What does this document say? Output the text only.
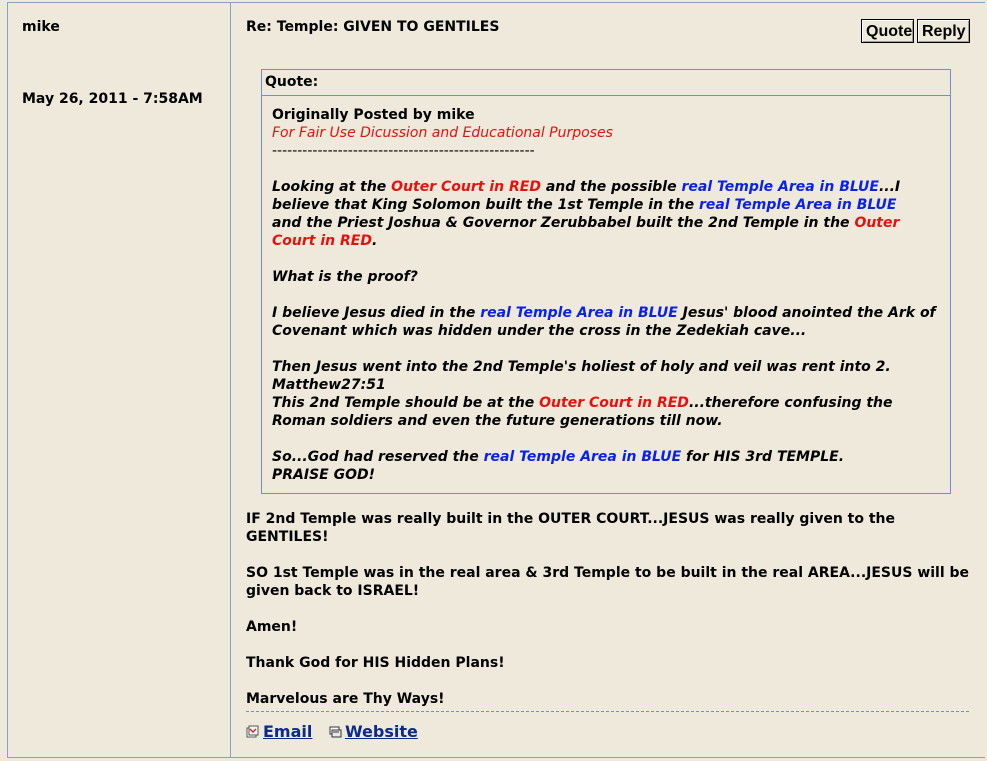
mike
May 26, 2011 - 7:58AM
Re: Temple: GIVEN TO GENTILES	Quote Reply
Quote:
Originally Posted by mike
For Fair Use Dicussion and Educational Purposes
----------------------------------------------------
Looking at the Outer Court in RED and the possible real Temple Area in BLUE...I believe that King Solomon built the 1st Temple in the real Temple Area in BLUE
and the Priest Joshua & Governor Zerubbabel built the 2nd Temple in the Outer Court in RED.
What is the proof?
I believe Jesus died in the real Temple Area in BLUE Jesus' blood anointed the Ark of Covenant which was hidden under the cross in the Zedekiah cave...
Then Jesus went into the 2nd Temple's holiest of holy and veil was rent into 2. Matthew27:51
This 2nd Temple should be at the Outer Court in RED...therefore confusing the Roman soldiers and even the future generations till now.
So...God had reserved the real Temple Area in BLUE for HIS 3rd TEMPLE.
PRAISE GOD!

IF 2nd Temple was really built in the OUTER COURT...JESUS was really given to the GENTILES!

SO 1st Temple was in the real area & 3rd Temple to be built in the real AREA...JESUS will be given back to ISRAEL!

Amen!

Thank God for HIS Hidden Plans!

Marvelous are Thy Ways!

Email Website
